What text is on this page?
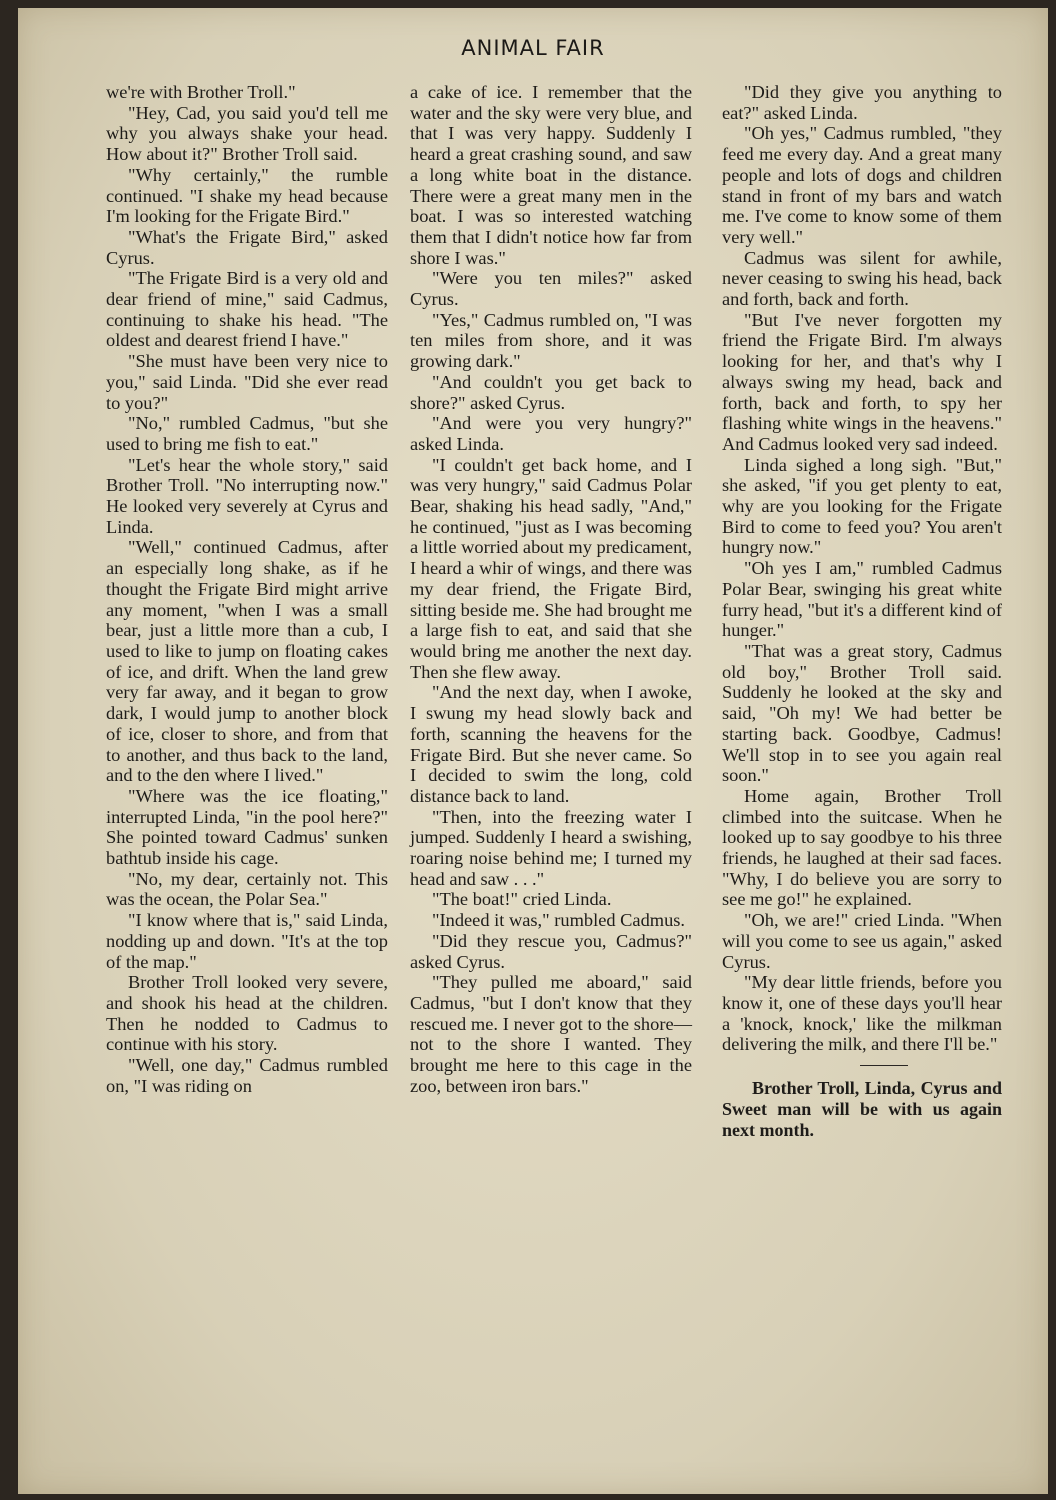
ANIMAL FAIR

we're with Brother Troll."

"Hey, Cad, you said you'd tell me why you always shake your head. How about it?" Brother Troll said.

"Why certainly," the rumble continued. "I shake my head because I'm looking for the Frigate Bird."

"What's the Frigate Bird," asked Cyrus.

"The Frigate Bird is a very old and dear friend of mine," said Cadmus, continuing to shake his head. "The oldest and dearest friend I have."

"She must have been very nice to you," said Linda. "Did she ever read to you?"

"No," rumbled Cadmus, "but she used to bring me fish to eat."

"Let's hear the whole story," said Brother Troll. "No interrupting now." He looked very severely at Cyrus and Linda.

"Well," continued Cadmus, after an especially long shake, as if he thought the Frigate Bird might arrive any moment, "when I was a small bear, just a little more than a cub, I used to like to jump on floating cakes of ice, and drift. When the land grew very far away, and it began to grow dark, I would jump to another block of ice, closer to shore, and from that to another, and thus back to the land, and to the den where I lived."

"Where was the ice floating," interrupted Linda, "in the pool here?" She pointed toward Cadmus' sunken bathtub inside his cage.

"No, my dear, certainly not. This was the ocean, the Polar Sea."

"I know where that is," said Linda, nodding up and down. "It's at the top of the map."

Brother Troll looked very severe, and shook his head at the children. Then he nodded to Cadmus to continue with his story.

"Well, one day," Cadmus rumbled on, "I was riding on

a cake of ice. I remember that the water and the sky were very blue, and that I was very happy. Suddenly I heard a great crashing sound, and saw a long white boat in the distance. There were a great many men in the boat. I was so interested watching them that I didn't notice how far from shore I was."

"Were you ten miles?" asked Cyrus.

"Yes," Cadmus rumbled on, "I was ten miles from shore, and it was growing dark."

"And couldn't you get back to shore?" asked Cyrus.

"And were you very hungry?" asked Linda.

"I couldn't get back home, and I was very hungry," said Cadmus Polar Bear, shaking his head sadly, "And," he continued, "just as I was becoming a little worried about my predicament, I heard a whir of wings, and there was my dear friend, the Frigate Bird, sitting beside me. She had brought me a large fish to eat, and said that she would bring me another the next day. Then she flew away.

"And the next day, when I awoke, I swung my head slowly back and forth, scanning the heavens for the Frigate Bird. But she never came. So I decided to swim the long, cold distance back to land.

"Then, into the freezing water I jumped. Suddenly I heard a swishing, roaring noise behind me; I turned my head and saw . . ."

"The boat!" cried Linda.

"Indeed it was," rumbled Cadmus.

"Did they rescue you, Cadmus?" asked Cyrus.

"They pulled me aboard," said Cadmus, "but I don't know that they rescued me. I never got to the shore—not to the shore I wanted. They brought me here to this cage in the zoo, between iron bars."

"Did they give you anything to eat?" asked Linda.

"Oh yes," Cadmus rumbled, "they feed me every day. And a great many people and lots of dogs and children stand in front of my bars and watch me. I've come to know some of them very well."

Cadmus was silent for awhile, never ceasing to swing his head, back and forth, back and forth.

"But I've never forgotten my friend the Frigate Bird. I'm always looking for her, and that's why I always swing my head, back and forth, back and forth, to spy her flashing white wings in the heavens." And Cadmus looked very sad indeed.

Linda sighed a long sigh. "But," she asked, "if you get plenty to eat, why are you looking for the Frigate Bird to come to feed you? You aren't hungry now."

"Oh yes I am," rumbled Cadmus Polar Bear, swinging his great white furry head, "but it's a different kind of hunger."

"That was a great story, Cadmus old boy," Brother Troll said. Suddenly he looked at the sky and said, "Oh my! We had better be starting back. Goodbye, Cadmus! We'll stop in to see you again real soon."

Home again, Brother Troll climbed into the suitcase. When he looked up to say goodbye to his three friends, he laughed at their sad faces. "Why, I do believe you are sorry to see me go!" he explained.

"Oh, we are!" cried Linda. "When will you come to see us again," asked Cyrus.

"My dear little friends, before you know it, one of these days you'll hear a 'knock, knock,' like the milkman delivering the milk, and there I'll be."

Brother Troll, Linda, Cyrus and Sweet man will be with us again next month.
